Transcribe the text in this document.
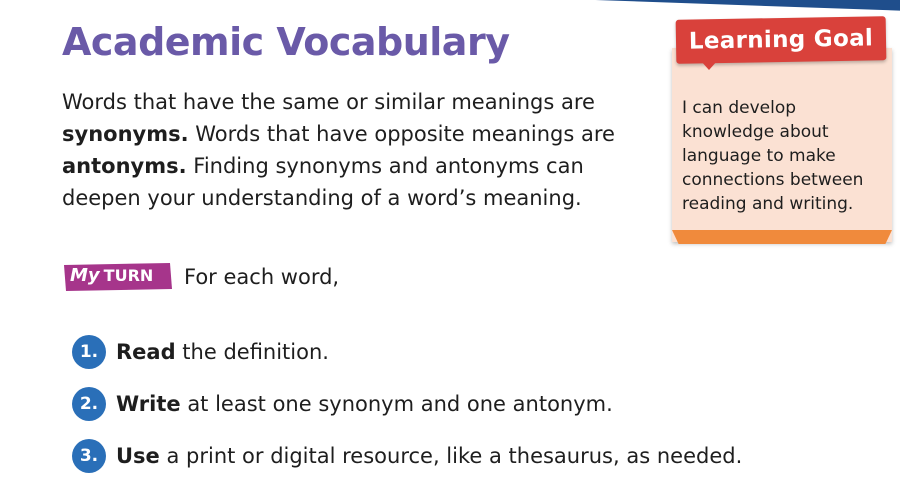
Academic Vocabulary

Words that have the same or similar meanings are synonyms. Words that have opposite meanings are antonyms. Finding synonyms and antonyms can deepen your understanding of a word’s meaning.

Learning Goal

I can develop knowledge about language to make connections between reading and writing.

My TURN For each word,
1. Read the definition.
2. Write at least one synonym and one antonym.
3. Use a print or digital resource, like a thesaurus, as needed.
